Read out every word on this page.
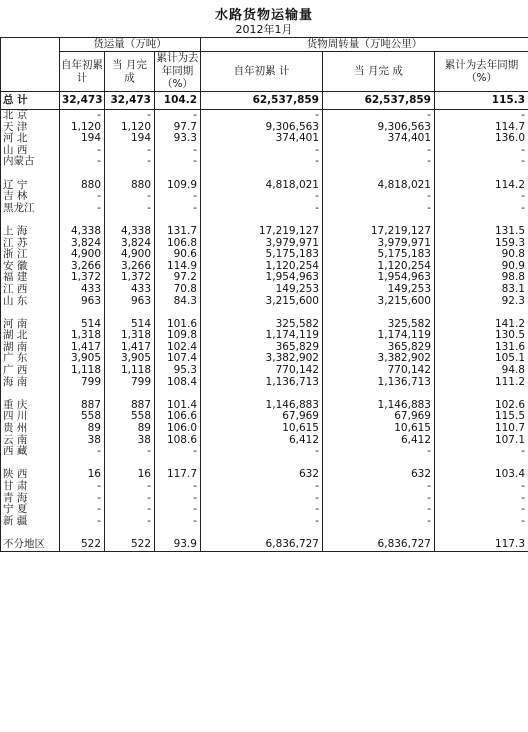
水路货物运输量
2012年1月
	货运量（万吨）			货物周转量（万吨公里）		
	自年初累 计	当 月完 成	累计为去年同期（%）	自年初累 计	当 月完 成	累计为去年同期（%）
总 计	32,473	32,473	104.2	62,537,859	62,537,859	115.3
北 京	-	-	-	-	-	-
天 津	1,120	1,120	97.7	9,306,563	9,306,563	114.7
河 北	194	194	93.3	374,401	374,401	136.0
山 西	-	-	-	-	-	-
内蒙古	-	-	-	-	-	-

辽 宁	880	880	109.9	4,818,021	4,818,021	114.2
吉 林	-	-	-	-	-	-
黑龙江	-	-	-	-	-	-

上 海	4,338	4,338	131.7	17,219,127	17,219,127	131.5
江 苏	3,824	3,824	106.8	3,979,971	3,979,971	159.3
浙 江	4,900	4,900	90.6	5,175,183	5,175,183	90.8
安 徽	3,266	3,266	114.9	1,120,254	1,120,254	90.9
福 建	1,372	1,372	97.2	1,954,963	1,954,963	98.8
江 西	433	433	70.8	149,253	149,253	83.1
山 东	963	963	84.3	3,215,600	3,215,600	92.3

河 南	514	514	101.6	325,582	325,582	141.2
湖 北	1,318	1,318	109.8	1,174,119	1,174,119	130.5
湖 南	1,417	1,417	102.4	365,829	365,829	131.6
广 东	3,905	3,905	107.4	3,382,902	3,382,902	105.1
广 西	1,118	1,118	95.3	770,142	770,142	94.8
海 南	799	799	108.4	1,136,713	1,136,713	111.2

重 庆	887	887	101.4	1,146,883	1,146,883	102.6
四 川	558	558	106.6	67,969	67,969	115.5
贵 州	89	89	106.0	10,615	10,615	110.7
云 南	38	38	108.6	6,412	6,412	107.1
西 藏	-	-	-	-	-	-

陕 西	16	16	117.7	632	632	103.4
甘 肃	-	-	-	-	-	-
青 海	-	-	-	-	-	-
宁 夏	-	-	-	-	-	-
新 疆	-	-	-	-	-	-

不分地区	522	522	93.9	6,836,727	6,836,727	117.3
